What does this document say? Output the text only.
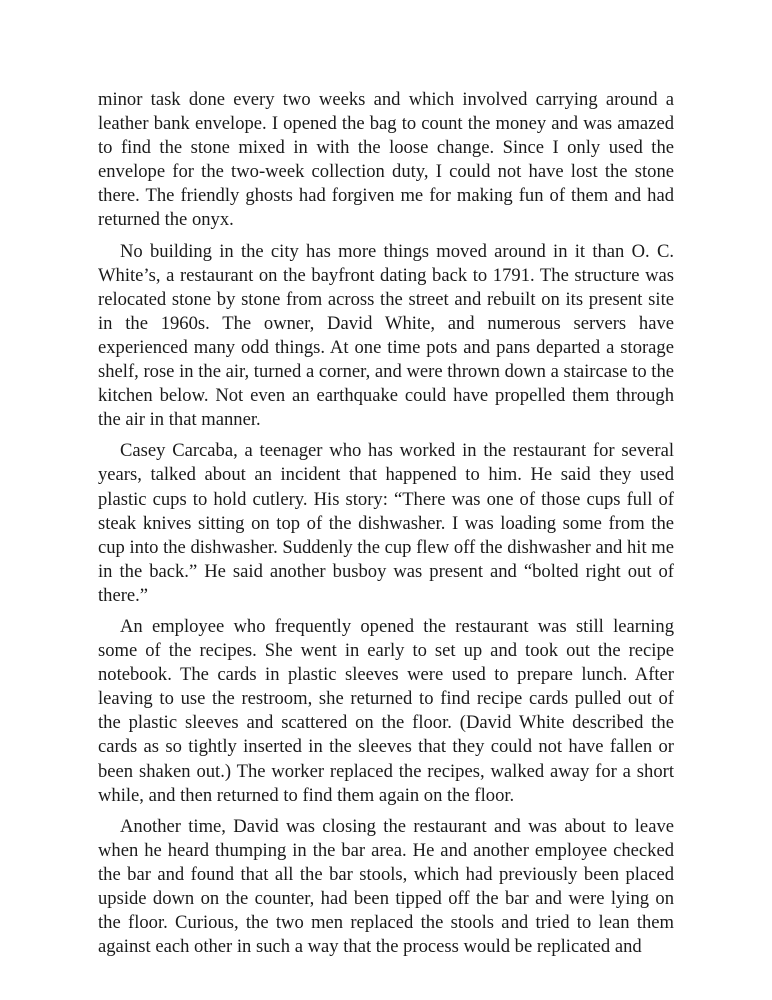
minor task done every two weeks and which involved carrying around a leather bank envelope. I opened the bag to count the money and was amazed to find the stone mixed in with the loose change. Since I only used the envelope for the two-week collection duty, I could not have lost the stone there. The friendly ghosts had forgiven me for making fun of them and had returned the onyx.

No building in the city has more things moved around in it than O. C. White’s, a restaurant on the bayfront dating back to 1791. The structure was relocated stone by stone from across the street and rebuilt on its present site in the 1960s. The owner, David White, and numerous servers have experienced many odd things. At one time pots and pans departed a storage shelf, rose in the air, turned a corner, and were thrown down a staircase to the kitchen below. Not even an earthquake could have propelled them through the air in that manner.

Casey Carcaba, a teenager who has worked in the restaurant for several years, talked about an incident that happened to him. He said they used plastic cups to hold cutlery. His story: “There was one of those cups full of steak knives sitting on top of the dishwasher. I was loading some from the cup into the dishwasher. Suddenly the cup flew off the dishwasher and hit me in the back.” He said another busboy was present and “bolted right out of there.”

An employee who frequently opened the restaurant was still learning some of the recipes. She went in early to set up and took out the recipe notebook. The cards in plastic sleeves were used to prepare lunch. After leaving to use the restroom, she returned to find recipe cards pulled out of the plastic sleeves and scattered on the floor. (David White described the cards as so tightly inserted in the sleeves that they could not have fallen or been shaken out.) The worker replaced the recipes, walked away for a short while, and then returned to find them again on the floor.

Another time, David was closing the restaurant and was about to leave when he heard thumping in the bar area. He and another employee checked the bar and found that all the bar stools, which had previously been placed upside down on the counter, had been tipped off the bar and were lying on the floor. Curious, the two men replaced the stools and tried to lean them against each other in such a way that the process would be replicated and
